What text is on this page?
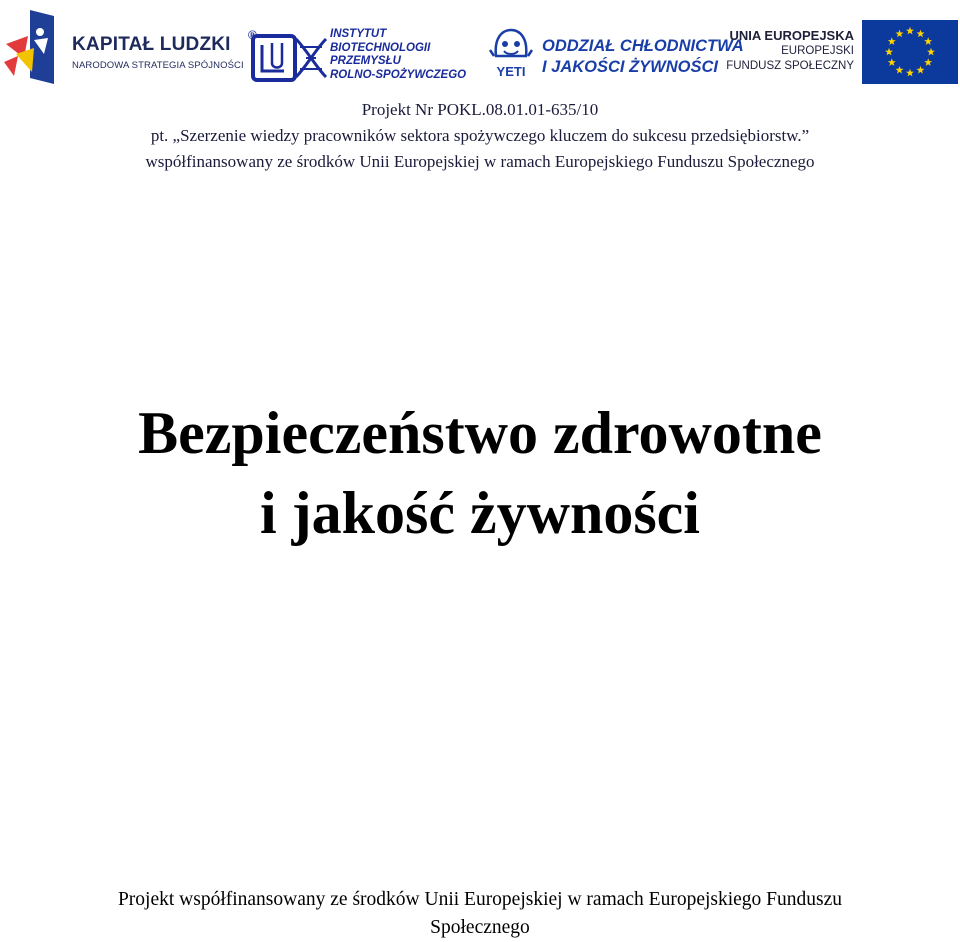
KAPITAŁ LUDZKI
NARODOWA STRATEGIA SPÓJNOŚCI
®	INSTYTUT
BIOTECHNOLOGII
PRZEMYSŁU
ROLNO-SPOŻYWCZEGO YETI
ODDZIAŁ CHŁODNICTWA
I JAKOŚCI ŻYWNOŚCI
UNIA EUROPEJSKA
EUROPEJSKI
FUNDUSZ SPOŁECZNY
Projekt Nr POKL.08.01.01-635/10
pt. „Szerzenie wiedzy pracowników sektora spożywczego kluczem do sukcesu przedsiębiorstw.”
współfinansowany ze środków Unii Europejskiej w ramach Europejskiego Funduszu Społecznego
Bezpieczeństwo zdrowotne
i jakość żywności
Projekt współfinansowany ze środków Unii Europejskiej w ramach Europejskiego Funduszu
Społecznego
